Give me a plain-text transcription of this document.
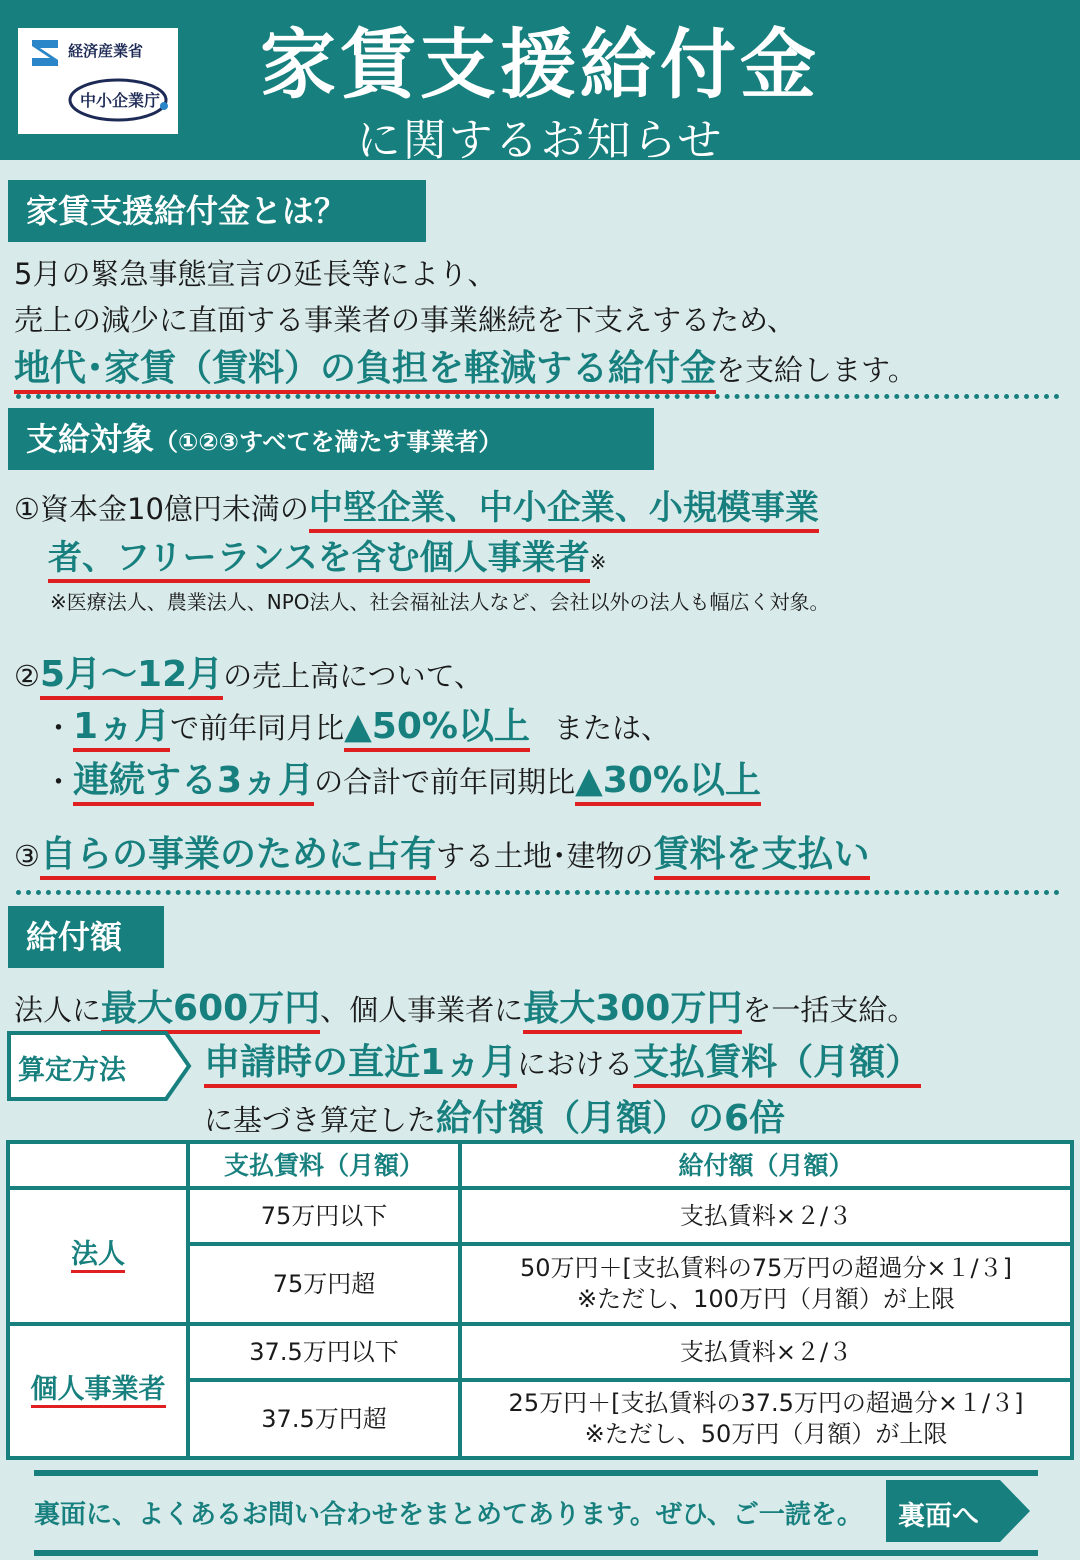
経済産業省
中小企業庁	家賃支援給付金
に関するお知らせ
家賃支援給付金とは？
5月の緊急事態宣言の延長等により、
売上の減少に直面する事業者の事業継続を下支えするため、
地代･家賃（賃料）の負担を軽減する給付金を支給します。
支給対象（①②③すべてを満たす事業者）
①資本金10億円未満の中堅企業、中小企業、小規模事業
者、フリーランスを含む個人事業者※
※医療法人、農業法人、NPO法人、社会福祉法人など、会社以外の法人も幅広く対象。
②5月～12月の売上高について、
・1ヵ月で前年同月比▲50%以上 または、
・連続する3ヵ月の合計で前年同期比▲30%以上
③自らの事業のために占有する土地･建物の賃料を支払い
給付額
法人に最大600万円、個人事業者に最大300万円を一括支給。
算定方法 申請時の直近1ヵ月における支払賃料（月額）
に基づき算定した給付額（月額）の6倍
支払賃料（月額）	給付額（月額）
法人
75万円以下	支払賃料×２/３
75万円超
50万円＋[支払賃料の75万円の超過分×１/３]
※ただし、100万円（月額）が上限
個人事業者
37.5万円以下	支払賃料×２/３
37.5万円超
25万円＋[支払賃料の37.5万円の超過分×１/３]
※ただし、50万円（月額）が上限
裏面に、よくあるお問い合わせをまとめてあります。ぜひ、ご一読を。 裏面へ
